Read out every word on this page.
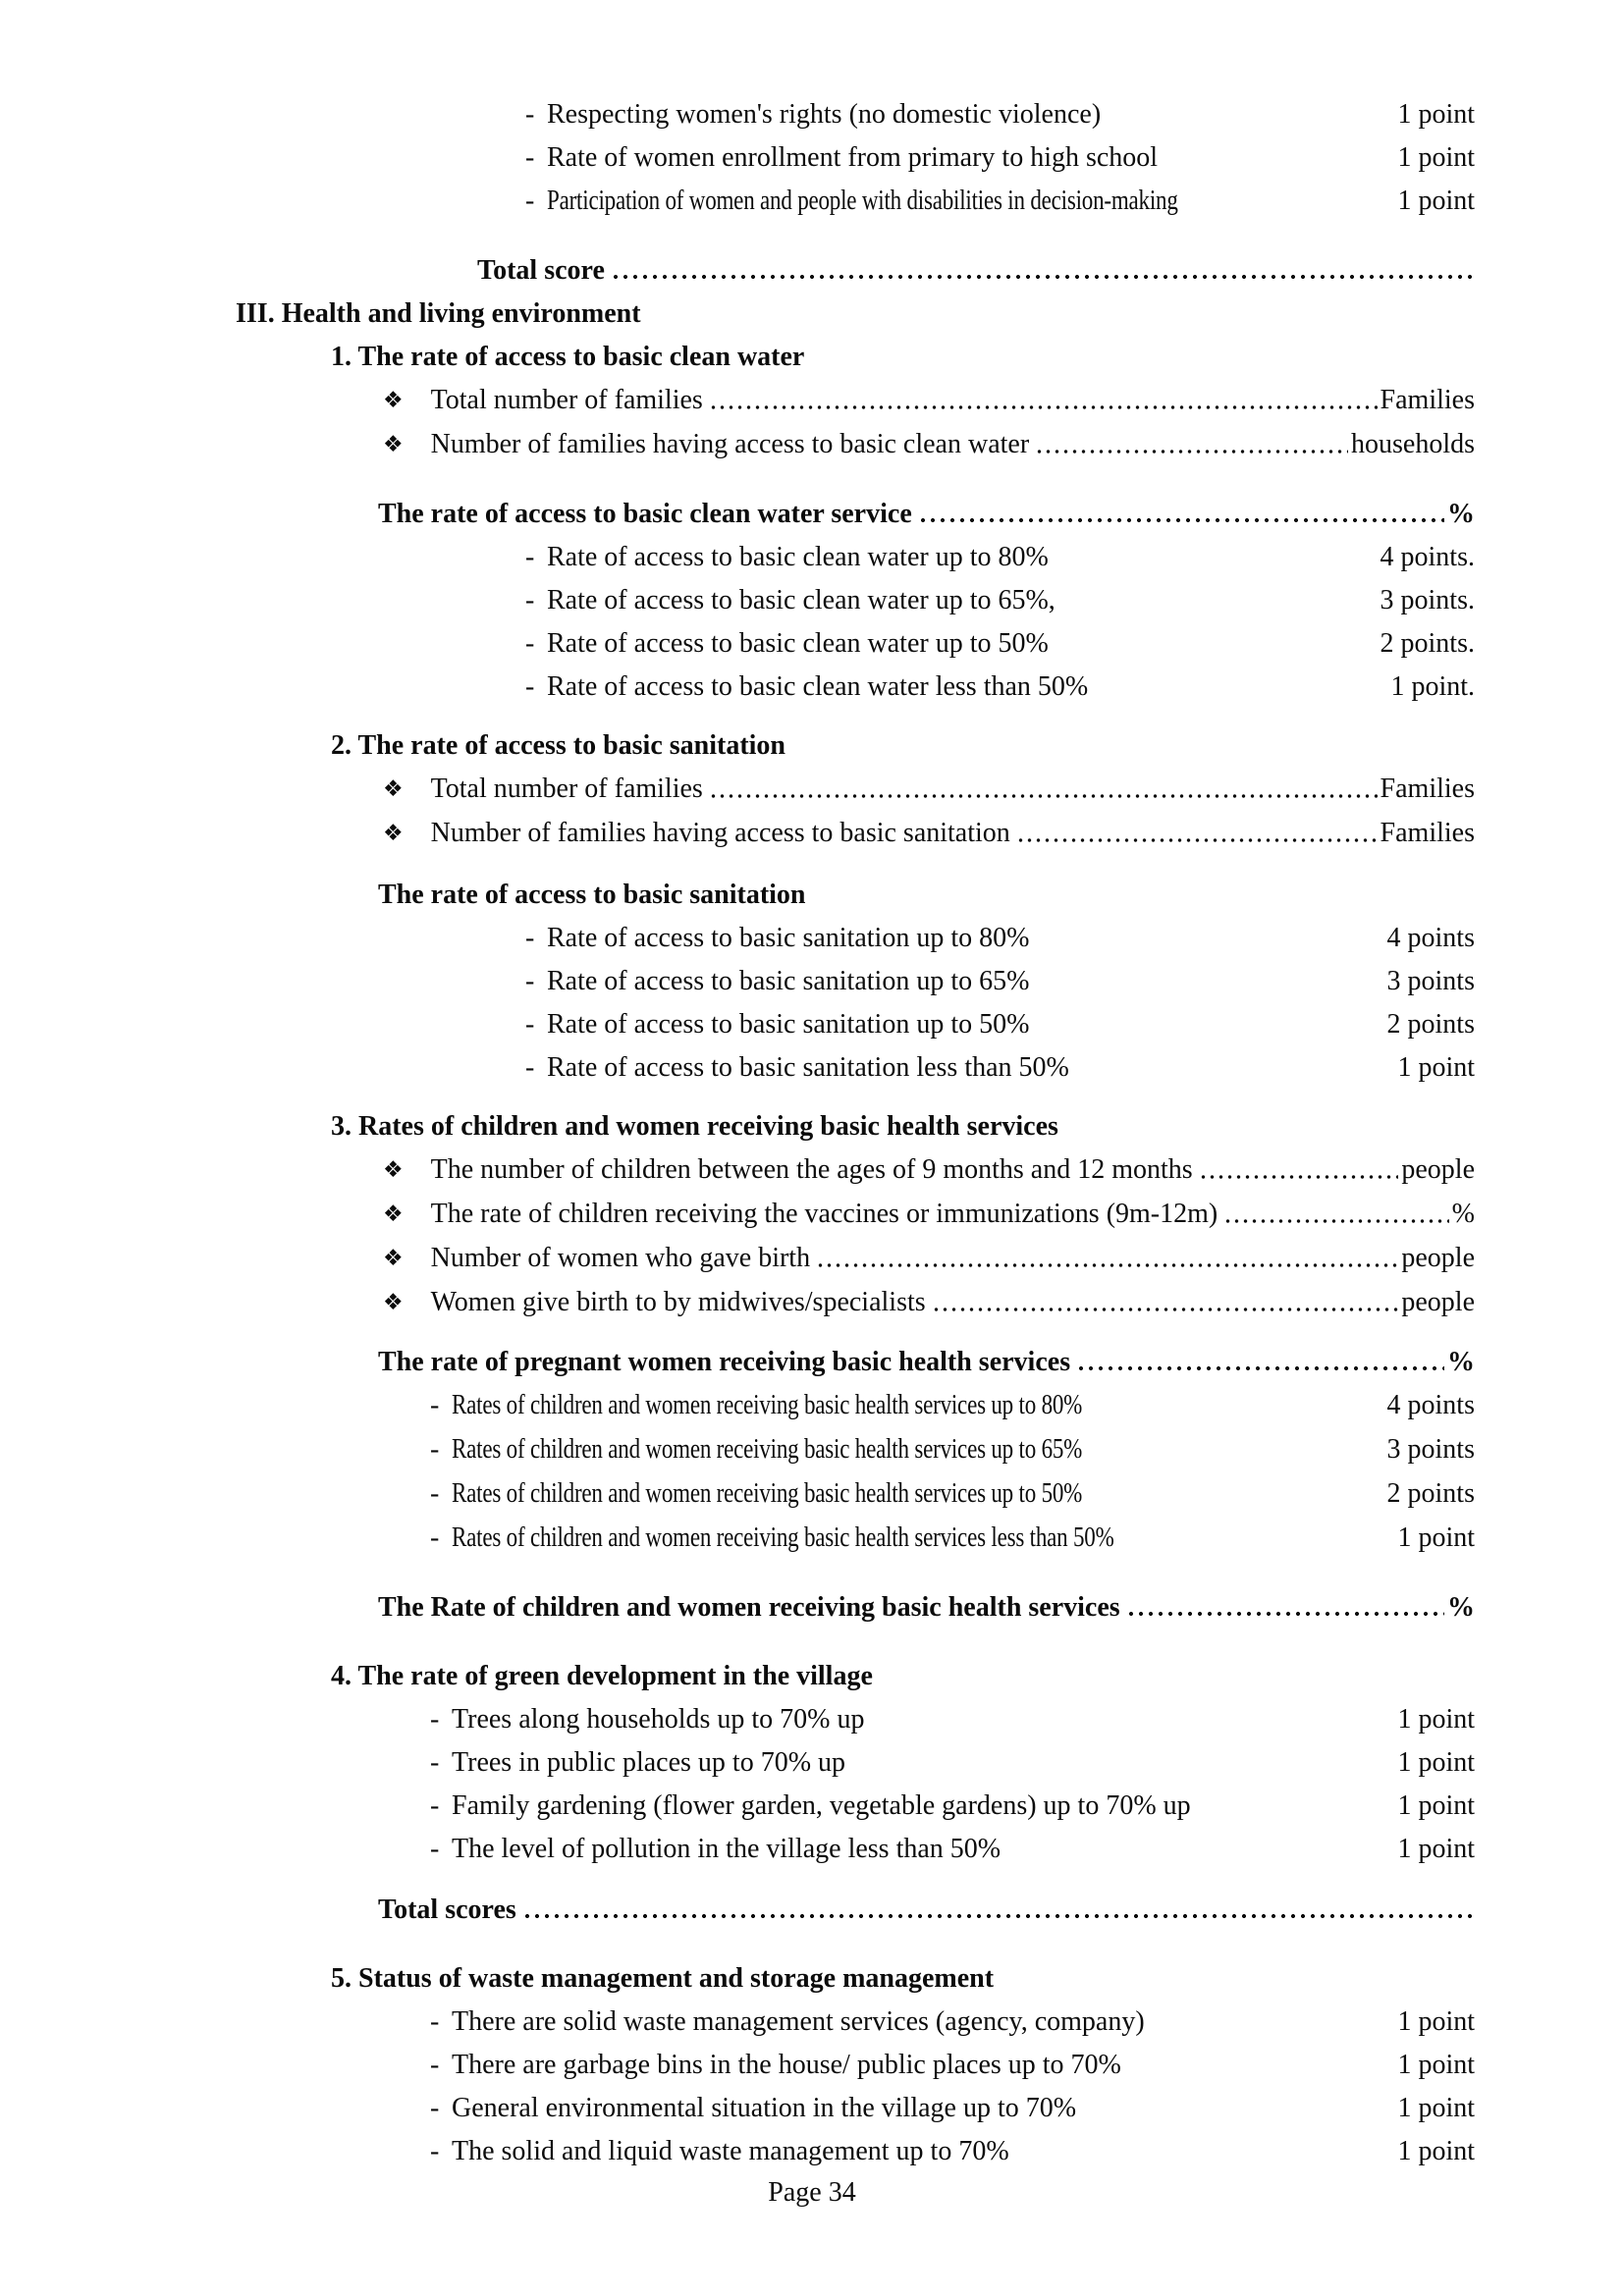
- Respecting women's rights (no domestic violence)	1 point
- Rate of women enrollment from primary to high school	1 point
- Participation of women and people with disabilities in decision-making	1 point
Total score
III. Health and living environment
1. The rate of access to basic clean water
❖ Total number of families	Families
❖ Number of families having access to basic clean water	households
The rate of access to basic clean water service	%
- Rate of access to basic clean water up to 80%	4 points.
- Rate of access to basic clean water up to 65%,	3 points.
- Rate of access to basic clean water up to 50%	2 points.
- Rate of access to basic clean water less than 50%	1 point.
2. The rate of access to basic sanitation
❖ Total number of families	Families
❖ Number of families having access to basic sanitation	Families
The rate of access to basic sanitation
- Rate of access to basic sanitation up to 80%	4 points
- Rate of access to basic sanitation up to 65%	3 points
- Rate of access to basic sanitation up to 50%	2 points
- Rate of access to basic sanitation less than 50%	1 point
3. Rates of children and women receiving basic health services
❖ The number of children between the ages of 9 months and 12 months	people
❖ The rate of children receiving the vaccines or immunizations (9m-12m)	%
❖ Number of women who gave birth	people
❖ Women give birth to by midwives/specialists	people
The rate of pregnant women receiving basic health services	%
- Rates of children and women receiving basic health services up to 80%	4 points
- Rates of children and women receiving basic health services up to 65%	3 points
- Rates of children and women receiving basic health services up to 50%	2 points
- Rates of children and women receiving basic health services less than 50%	1 point
The Rate of children and women receiving basic health services	%
4. The rate of green development in the village
- Trees along households up to 70% up	1 point
- Trees in public places up to 70% up	1 point
- Family gardening (flower garden, vegetable gardens) up to 70% up	1 point
- The level of pollution in the village less than 50%	1 point
Total scores
5. Status of waste management and storage management
- There are solid waste management services (agency, company)	1 point
- There are garbage bins in the house/ public places up to 70%	1 point
- General environmental situation in the village up to 70%	1 point
- The solid and liquid waste management up to 70%	1 point
Page 34
